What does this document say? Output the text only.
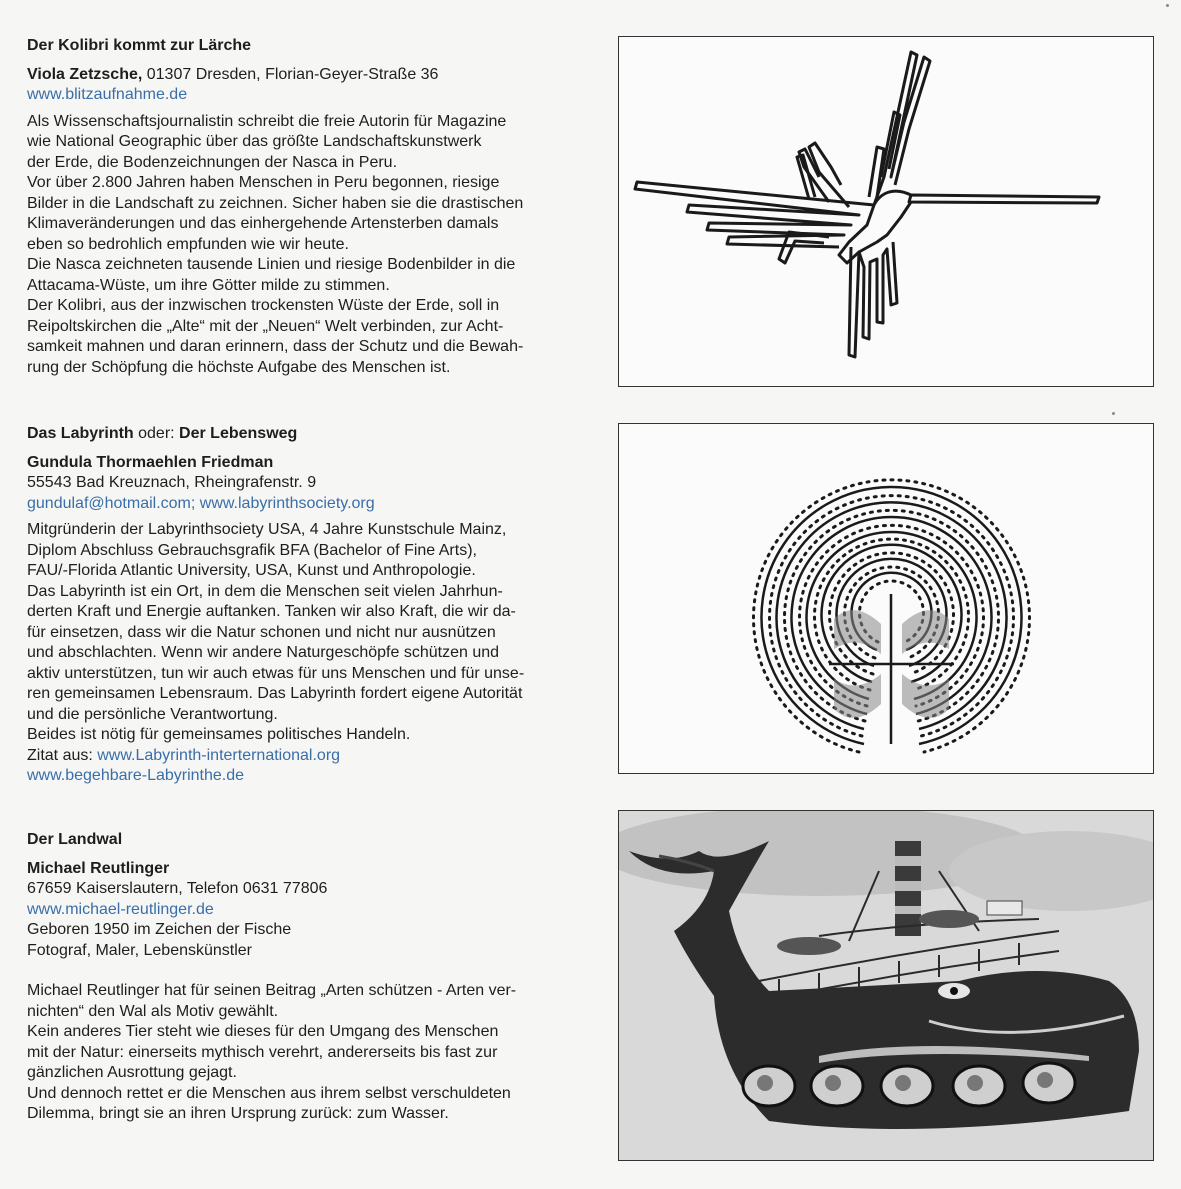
Der Kolibri kommt zur Lärche
Viola Zetzsche, 01307 Dresden, Florian-Geyer-Straße 36
www.blitzaufnahme.de
Als Wissenschaftsjournalistin schreibt die freie Autorin für Magazine
wie National Geographic über das größte Landschaftskunstwerk
der Erde, die Bodenzeichnungen der Nasca in Peru.
Vor über 2.800 Jahren haben Menschen in Peru begonnen, riesige
Bilder in die Landschaft zu zeichnen. Sicher haben sie die drastischen
Klimaveränderungen und das einhergehende Artensterben damals
eben so bedrohlich empfunden wie wir heute.
Die Nasca zeichneten tausende Linien und riesige Bodenbilder in die
Attacama-Wüste, um ihre Götter milde zu stimmen.
Der Kolibri, aus der inzwischen trockensten Wüste der Erde, soll in
Reipoltskirchen die „Alte“ mit der „Neuen“ Welt verbinden, zur Acht-
samkeit mahnen und daran erinnern, dass der Schutz und die Bewah-
rung der Schöpfung die höchste Aufgabe des Menschen ist.
Das Labyrinth oder: Der Lebensweg
Gundula Thormaehlen Friedman
55543 Bad Kreuznach, Rheingrafenstr. 9
gundulaf@hotmail.com; www.labyrinthsociety.org
Mitgründerin der Labyrinthsociety USA, 4 Jahre Kunstschule Mainz,
Diplom Abschluss Gebrauchsgrafik BFA (Bachelor of Fine Arts),
FAU/-Florida Atlantic University, USA, Kunst und Anthropologie.
Das Labyrinth ist ein Ort, in dem die Menschen seit vielen Jahrhun-
derten Kraft und Energie auftanken. Tanken wir also Kraft, die wir da-
für einsetzen, dass wir die Natur schonen und nicht nur ausnützen
und abschlachten. Wenn wir andere Naturgeschöpfe schützen und
aktiv unterstützen, tun wir auch etwas für uns Menschen und für unse-
ren gemeinsamen Lebensraum. Das Labyrinth fordert eigene Autorität
und die persönliche Verantwortung.
Beides ist nötig für gemeinsames politisches Handeln.
Zitat aus: www.Labyrinth-interternational.org
www.begehbare-Labyrinthe.de
Der Landwal
Michael Reutlinger
67659 Kaiserslautern, Telefon 0631 77806
www.michael-reutlinger.de
Geboren 1950 im Zeichen der Fische
Fotograf, Maler, Lebenskünstler
Michael Reutlinger hat für seinen Beitrag „Arten schützen - Arten ver-
nichten“ den Wal als Motiv gewählt.
Kein anderes Tier steht wie dieses für den Umgang des Menschen
mit der Natur: einerseits mythisch verehrt, andererseits bis fast zur
gänzlichen Ausrottung gejagt.
Und dennoch rettet er die Menschen aus ihrem selbst verschuldeten
Dilemma, bringt sie an ihren Ursprung zurück: zum Wasser.
